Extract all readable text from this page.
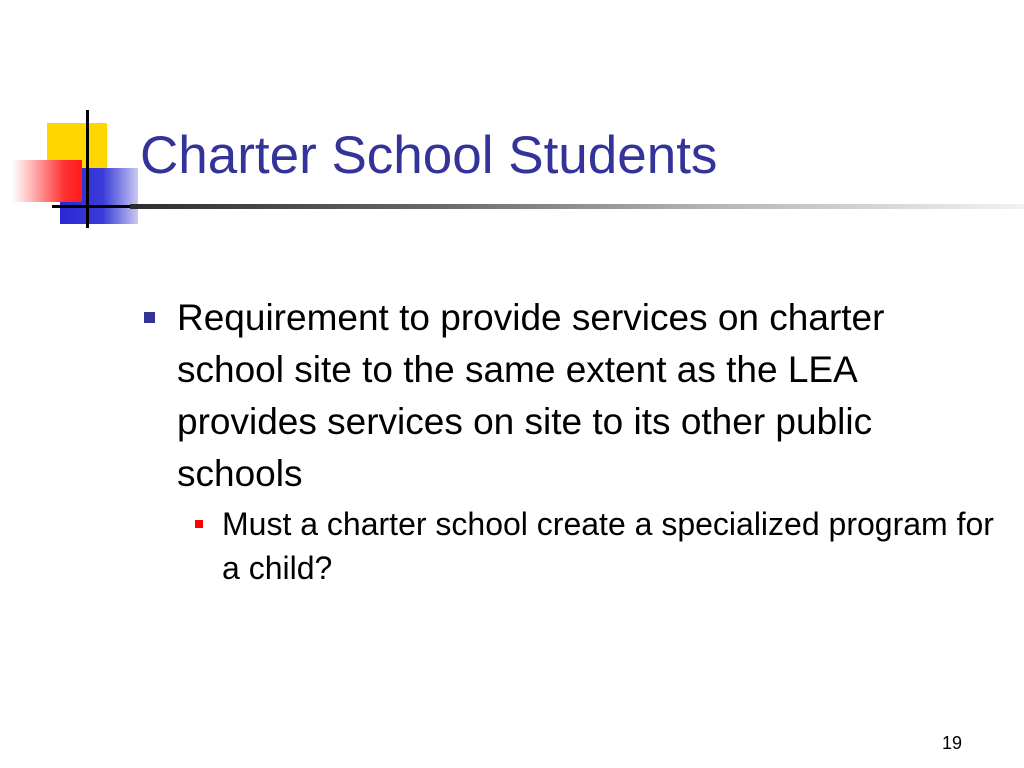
Charter School Students
Requirement to provide services on charter school site to the same extent as the LEA provides services on site to its other public schools
Must a charter school create a specialized program for a child?
19
